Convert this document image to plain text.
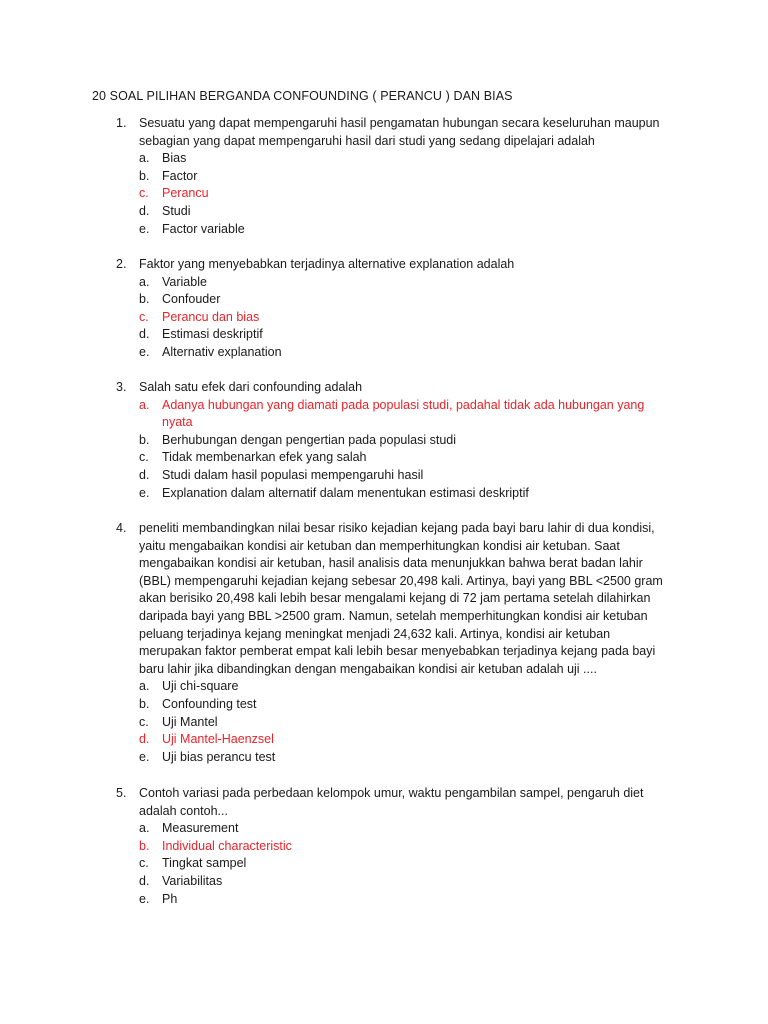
20 SOAL PILIHAN BERGANDA CONFOUNDING ( PERANCU ) DAN BIAS
1.	Sesuatu yang dapat mempengaruhi hasil pengamatan hubungan secara keseluruhan maupun sebagian yang dapat mempengaruhi hasil dari studi yang sedang dipelajari adalah
a. Bias
b. Factor
c. Perancu
d. Studi
e. Factor variable
2.	Faktor yang menyebabkan terjadinya alternative explanation adalah
a. Variable
b. Confouder
c. Perancu dan bias
d. Estimasi deskriptif
e. Alternativ explanation
3.	Salah satu efek dari confounding adalah
a. Adanya hubungan yang diamati pada populasi studi, padahal tidak ada hubungan yang nyata
b. Berhubungan dengan pengertian pada populasi studi
c. Tidak membenarkan efek yang salah
d. Studi dalam hasil populasi mempengaruhi hasil
e. Explanation dalam alternatif dalam menentukan estimasi deskriptif
4.	peneliti membandingkan nilai besar risiko kejadian kejang pada bayi baru lahir di dua kondisi, yaitu mengabaikan kondisi air ketuban dan memperhitungkan kondisi air ketuban. Saat mengabaikan kondisi air ketuban, hasil analisis data menunjukkan bahwa berat badan lahir (BBL) mempengaruhi kejadian kejang sebesar 20,498 kali. Artinya, bayi yang BBL <2500 gram akan berisiko 20,498 kali lebih besar mengalami kejang di 72 jam pertama setelah dilahirkan daripada bayi yang BBL >2500 gram. Namun, setelah memperhitungkan kondisi air ketuban peluang terjadinya kejang meningkat menjadi 24,632 kali. Artinya, kondisi air ketuban merupakan faktor pemberat empat kali lebih besar menyebabkan terjadinya kejang pada bayi baru lahir jika dibandingkan dengan mengabaikan kondisi air ketuban adalah uji ....
a. Uji chi-square
b. Confounding test
c. Uji Mantel
d. Uji Mantel-Haenzsel
e. Uji bias perancu test
5.	Contoh variasi pada perbedaan kelompok umur, waktu pengambilan sampel, pengaruh diet adalah contoh...
a. Measurement
b. Individual characteristic
c. Tingkat sampel
d. Variabilitas
e. Ph
